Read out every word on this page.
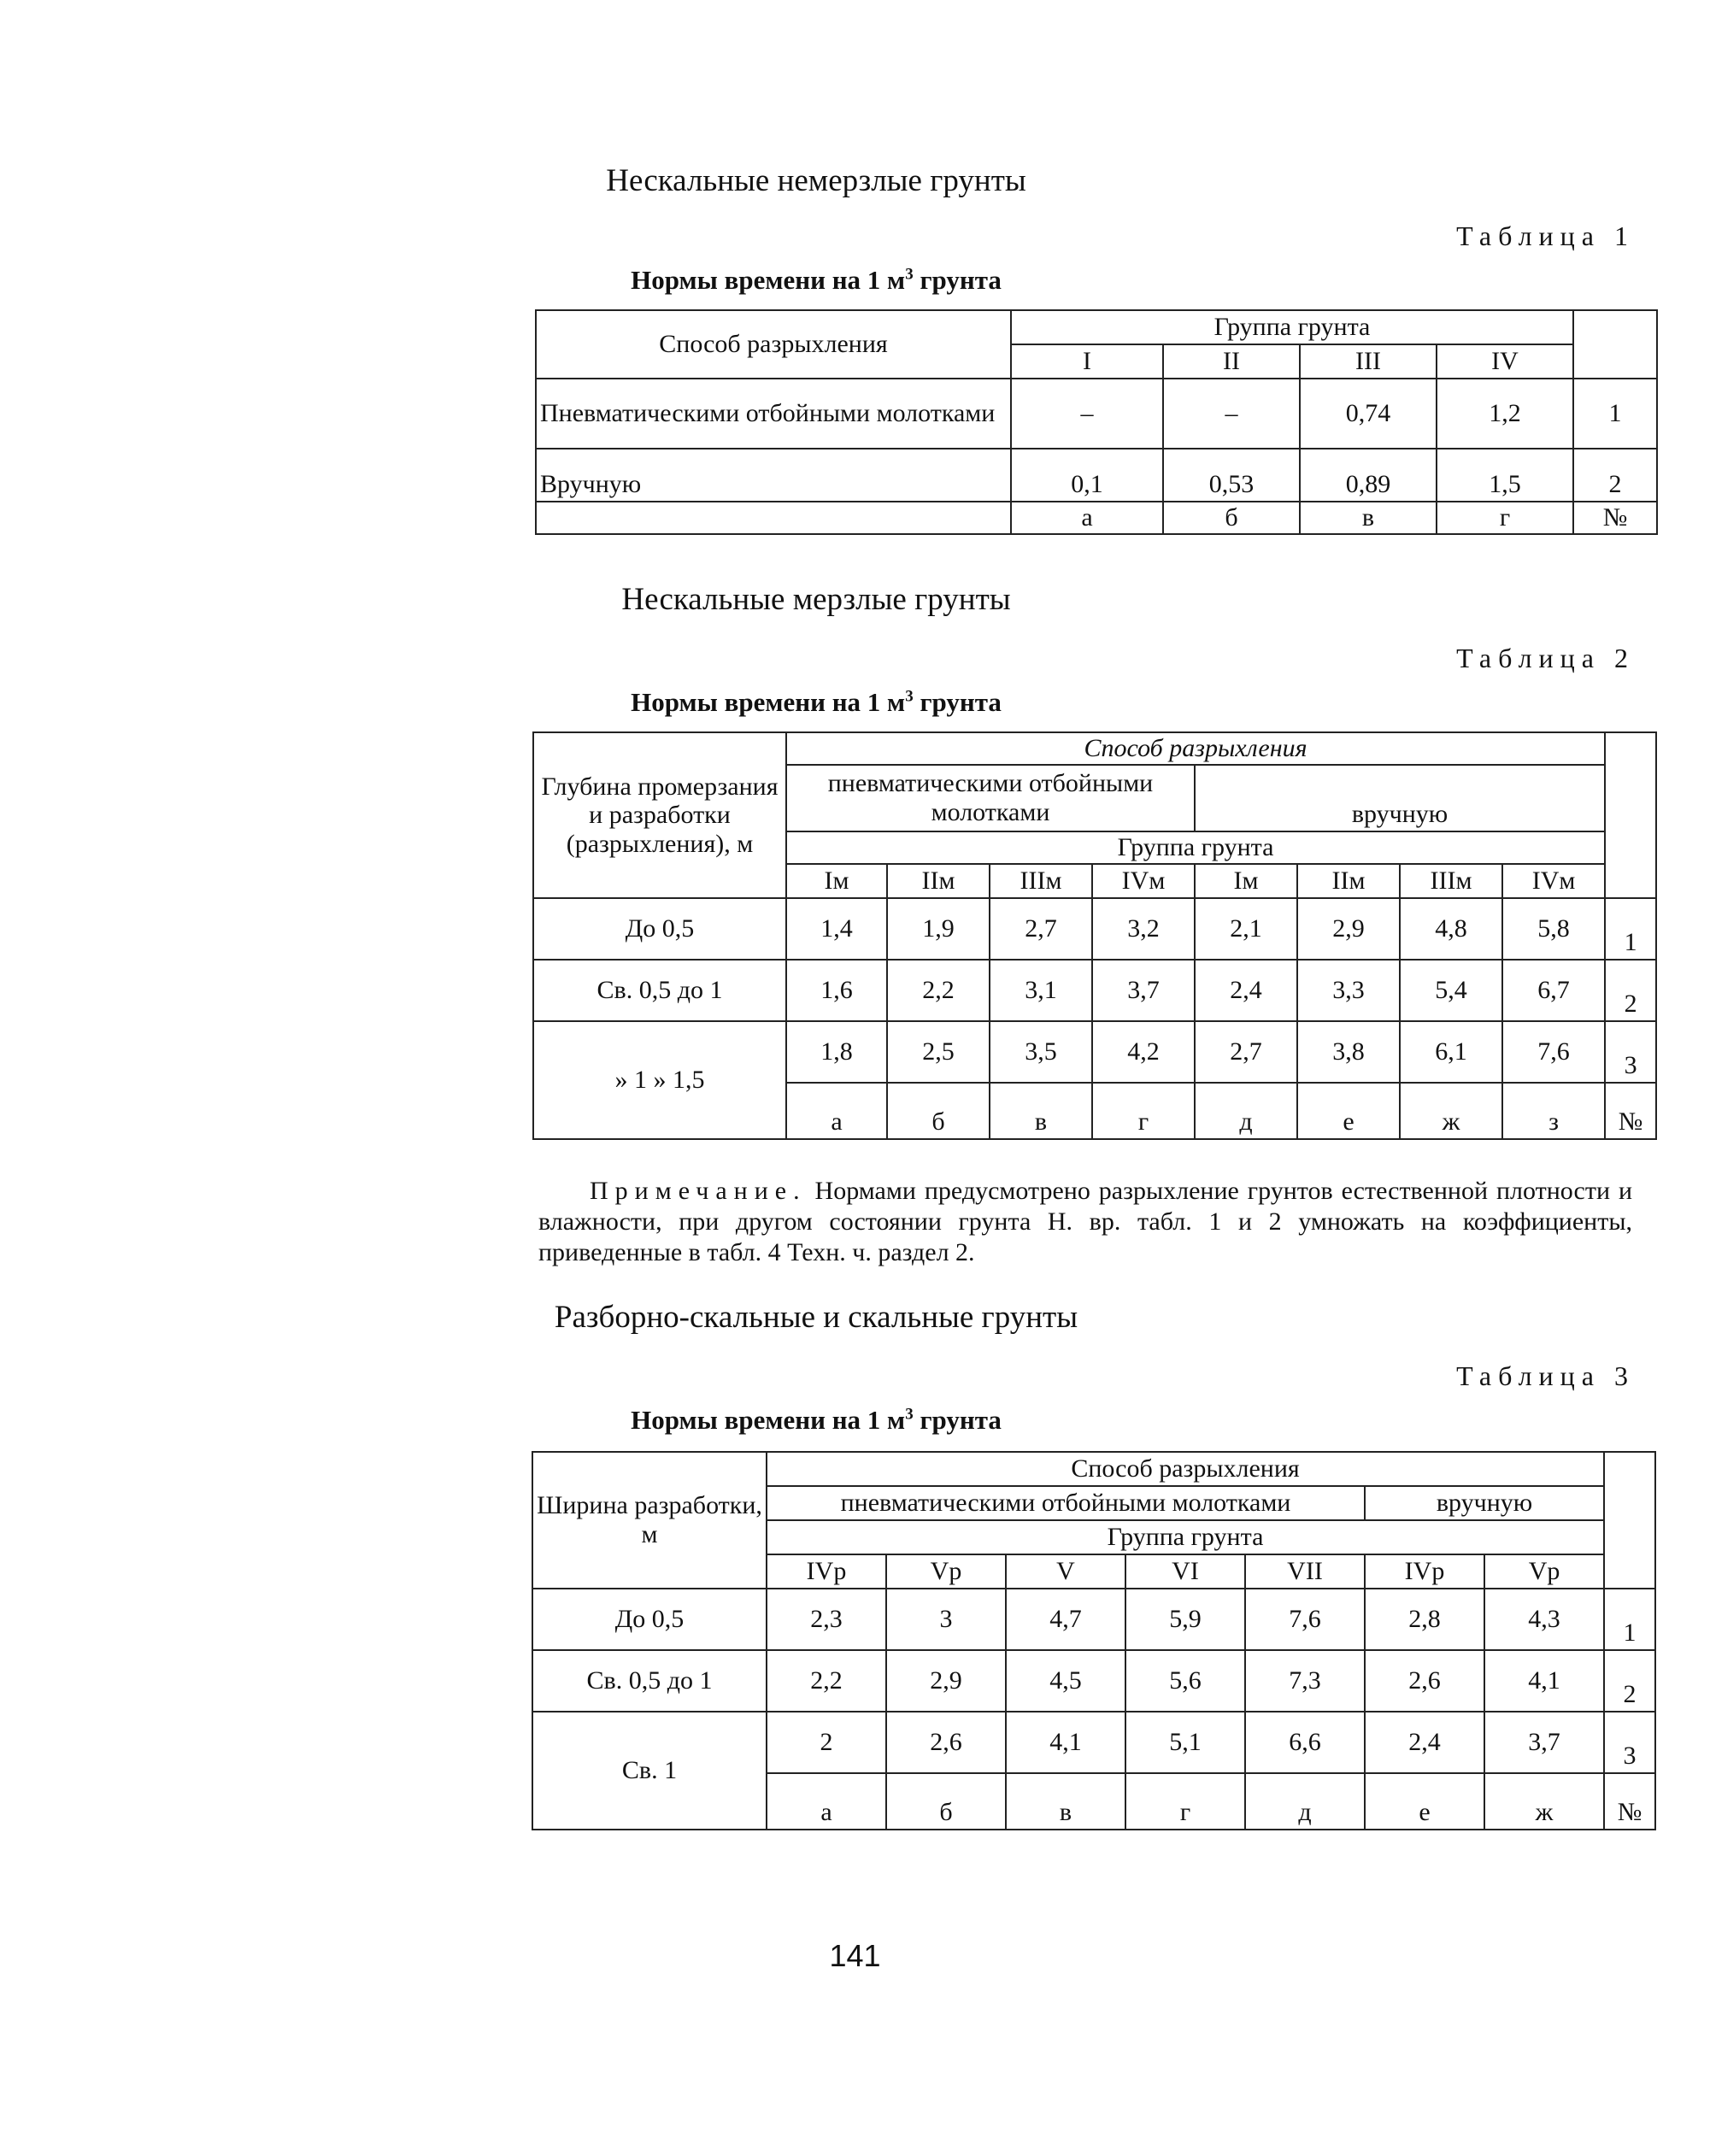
Нескальные немерзлые грунты

Таблица 1

Нормы времени на 1 $м^3$ грунта

Способ разрыхления	Группа грунта				
	I	II	III	IV	
Пневматическими отбойными молотками	–	–	0,74	1,2	1
Вручную	0,1	0,53	0,89	1,5	2
	а	б	в	г	№
Нескальные мерзлые грунты

Таблица 2

Нормы времени на 1 $м^3$ грунта

Глубина промерзания и разработки (разрыхления), м	Способ разрыхления								
	пневматическими отбойными молотками				вручную				
	Группа грунта								
	Iм	IIм	IIIм	IVм	Iм	IIм	IIIм	IVм	
До 0,5	1,4	1,9	2,7	3,2	2,1	2,9	4,8	5,8	1
Св. 0,5 до 1	1,6	2,2	3,1	3,7	2,4	3,3	5,4	6,7	2
» 1 » 1,5	1,8	2,5	3,5	4,2	2,7	3,8	6,1	7,6	3
	а	б	в	г	д	е	ж	з	№

Примечание. Нормами предусмотрено разрыхление грунтов естественной плотности и влажности, при другом состоянии грунта Н. вр. табл. 1 и 2 умножать на коэффициенты, приведенные в табл. 4 Техн. ч. раздел 2.

Разборно-скальные и скальные грунты

Таблица 3

Нормы времени на 1 $м^3$ грунта

Ширина разработки, м	Способ разрыхления							
	пневматическими отбойными молотками					вручную		
	Группа грунта							
	IVр	Vр	V	VI	VII	IVр	Vр	
До 0,5	2,3	3	4,7	5,9	7,6	2,8	4,3	1
Св. 0,5 до 1	2,2	2,9	4,5	5,6	7,3	2,6	4,1	2
Св. 1	2	2,6	4,1	5,1	6,6	2,4	3,7	3
	а	б	в	г	д	е	ж	№

141
